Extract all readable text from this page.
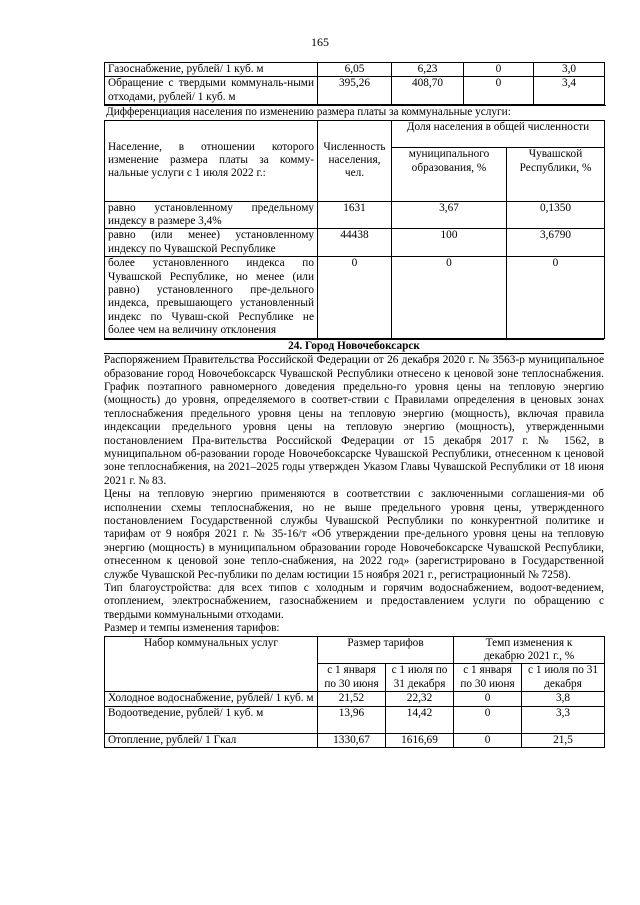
165
Газоснабжение, рублей/ 1 куб. м	6,05	6,23	0	3,0
Обращение с твердыми коммуналь-ными отходами, рублей/ 1 куб. м	395,26	408,70	0	3,4
Дифференциация населения по изменению размера платы за коммунальные услуги:
Население, в отношении которого изменение размера платы за комму-нальные услуги с 1 июля 2022 г.:	Численность населения, чел.	Доля населения в общей численности	
		муниципального образования, %	Чувашской Республики, %
равно установленному предельному индексу в размере 3,4%	1631	3,67	0,1350
равно (или менее) установленному индексу по Чувашской Республике	44438	100	3,6790
более установленного индекса по Чувашской Республике, но менее (или равно) установленного пре-дельного индекса, превышающего установленный индекс по Чуваш-ской Республике не более чем на величину отклонения	0	0	0
24. Город Новочебоксарск

Распоряжением Правительства Российской Федерации от 26 декабря 2020 г. № 3563-р муниципальное образование город Новочебоксарск Чувашской Республики отнесено к ценовой зоне теплоснабжения. График поэтапного равномерного доведения предельно-го уровня цены на тепловую энергию (мощность) до уровня, определяемого в соответ-ствии с Правилами определения в ценовых зонах теплоснабжения предельного уровня цены на тепловую энергию (мощность), включая правила индексации предельного уровня цены на тепловую энергию (мощность), утвержденными постановлением Пра-вительства Российской Федерации от 15 декабря 2017 г. № 1562, в муниципальном об-разовании городе Новочебоксарске Чувашской Республики, отнесенном к ценовой зоне теплоснабжения, на 2021–2025 годы утвержден Указом Главы Чувашской Республики от 18 июня 2021 г. № 83.

Цены на тепловую энергию применяются в соответствии с заключенными соглашения-ми об исполнении схемы теплоснабжения, но не выше предельного уровня цены, утвержденного постановлением Государственной службы Чувашской Республики по конкурентной политике и тарифам от 9 ноября 2021 г. № 35-16/т «Об утверждении пре-дельного уровня цены на тепловую энергию (мощность) в муниципальном образовании городе Новочебоксарске Чувашской Республики, отнесенном к ценовой зоне тепло-снабжения, на 2022 год» (зарегистрировано в Государственной службе Чувашской Рес-публики по делам юстиции 15 ноября 2021 г., регистрационный № 7258).

Тип благоустройства: для всех типов с холодным и горячим водоснабжением, водоот-ведением, отоплением, электроснабжением, газоснабжением и предоставлением услуги по обращению с твердыми коммунальными отходами.

Размер и темпы изменения тарифов:

Набор коммунальных услуг	Размер тарифов		Темп изменения к декабрю 2021 г., %	
	с 1 января по 30 июня	с 1 июля по 31 декабря	с 1 января по 30 июня	с 1 июля по 31 декабря
Холодное водоснабжение, рублей/ 1 куб. м	21,52	22,32	0	3,8
Водоотведение, рублей/ 1 куб. м	13,96	14,42	0	3,3
Отопление, рублей/ 1 Гкал	1330,67	1616,69	0	21,5
